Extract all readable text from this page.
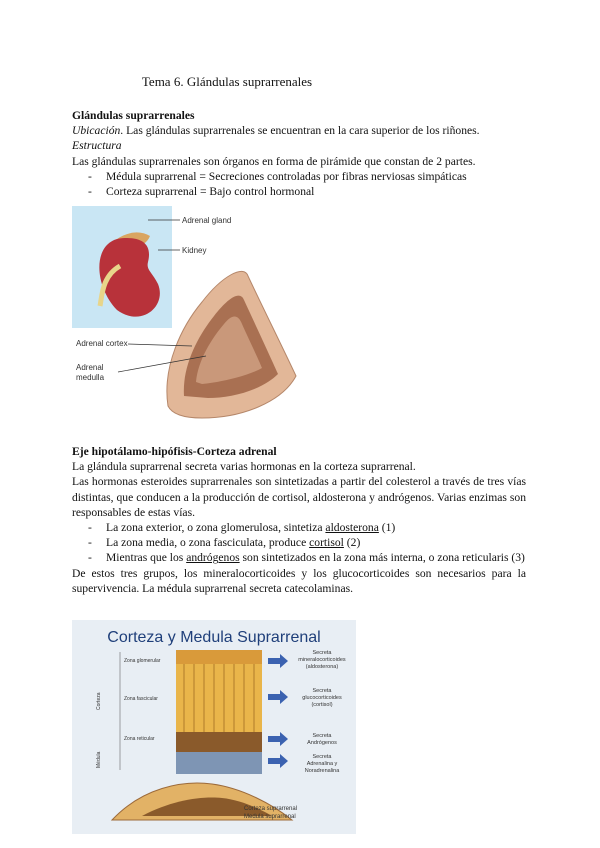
Tema 6. Glándulas suprarrenales
Glándulas suprarrenales
Ubicación. Las glándulas suprarrenales se encuentran en la cara superior de los riñones.
Estructura
Las glándulas suprarrenales son órganos en forma de pirámide que constan de 2 partes.
- Médula suprarrenal = Secreciones controladas por fibras nerviosas simpáticas
- Corteza suprarrenal = Bajo control hormonal
Adrenal gland
Kidney
Adrenal cortex
Adrenal
medulla
Eje hipotálamo-hipófisis-Corteza adrenal
La glándula suprarrenal secreta varias hormonas en la corteza suprarrenal.
Las hormonas esteroides suprarrenales son sintetizadas a partir del colesterol a través de tres vías distintas, que conducen a la producción de cortisol, aldosterona y andrógenos. Varias enzimas son responsables de estas vías.
- La zona exterior, o zona glomerulosa, sintetiza aldosterona (1)
- La zona media, o zona fasciculata, produce cortisol (2)
- Mientras que los andrógenos son sintetizados en la zona más interna, o zona reticularis (3)
De estos tres grupos, los mineralocorticoides y los glucocorticoides son necesarios para la supervivencia. La médula suprarrenal secreta catecolaminas.
Corteza y Medula Suprarrenal
Zona glomerular
Zona fascicular
Zona reticular
Corteza
Médula
Secreta
mineralocorticoides
(aldosterona)
Secreta
glucocorticoides
(cortisol)
Secreta
Andrógenos
Secreta
Adrenalina y
Noradrenalina
Corteza suprarrenal
Medula suprarrenal
